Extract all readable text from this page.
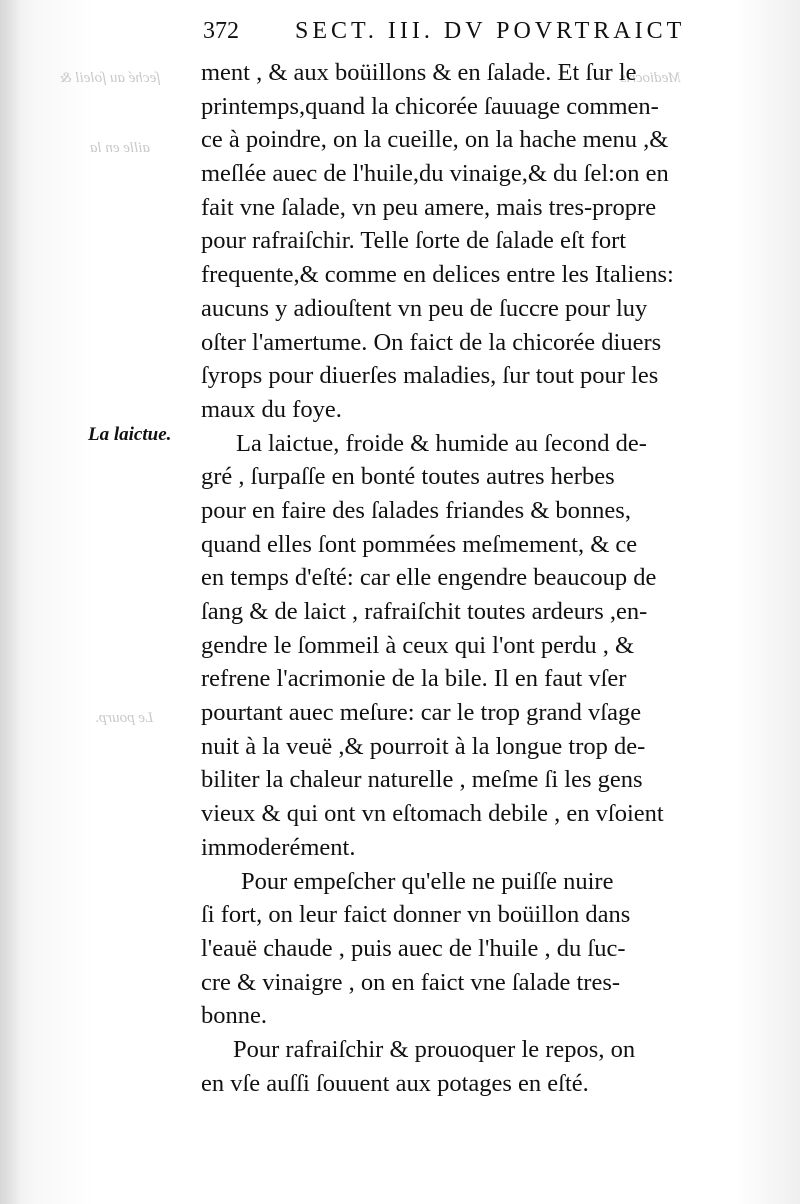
ſeché au ſoleil &
aille en la
Le pourp.
Mediocris
372 SECT. III. DV POVRTRAICT
La laictue.
ment , & aux boüillons & en ſalade. Et ſur le
printemps,quand la chicorée ſauuage commen-
ce à poindre, on la cueille, on la hache menu ,&
meſlée auec de l'huile,du vinaige,& du ſel:on en
fait vne ſalade, vn peu amere, mais tres-propre
pour rafraiſchir. Telle ſorte de ſalade eſt fort
frequente,& comme en delices entre les Italiens:
aucuns y adiouſtent vn peu de ſuccre pour luy
oſter l'amertume. On faict de la chicorée diuers
ſyrops pour diuerſes maladies, ſur tout pour les
maux du foye.
La laictue, froide & humide au ſecond de-
gré , ſurpaſſe en bonté toutes autres herbes
pour en faire des ſalades friandes & bonnes,
quand elles ſont pommées meſmement, & ce
en temps d'eſté: car elle engendre beaucoup de
ſang & de laict , rafraiſchit toutes ardeurs ,en-
gendre le ſommeil à ceux qui l'ont perdu , &
refrene l'acrimonie de la bile. Il en faut vſer
pourtant auec meſure: car le trop grand vſage
nuit à la veuë ,& pourroit à la longue trop de-
biliter la chaleur naturelle , meſme ſi les gens
vieux & qui ont vn eſtomach debile , en vſoient
immoderément.
Pour empeſcher qu'elle ne puiſſe nuire
ſi fort, on leur faict donner vn boüillon dans
l'eauë chaude , puis auec de l'huile , du ſuc-
cre & vinaigre , on en faict vne ſalade tres-
bonne.
Pour rafraiſchir & prouoquer le repos, on
en vſe auſſi ſouuent aux potages en eſté.
